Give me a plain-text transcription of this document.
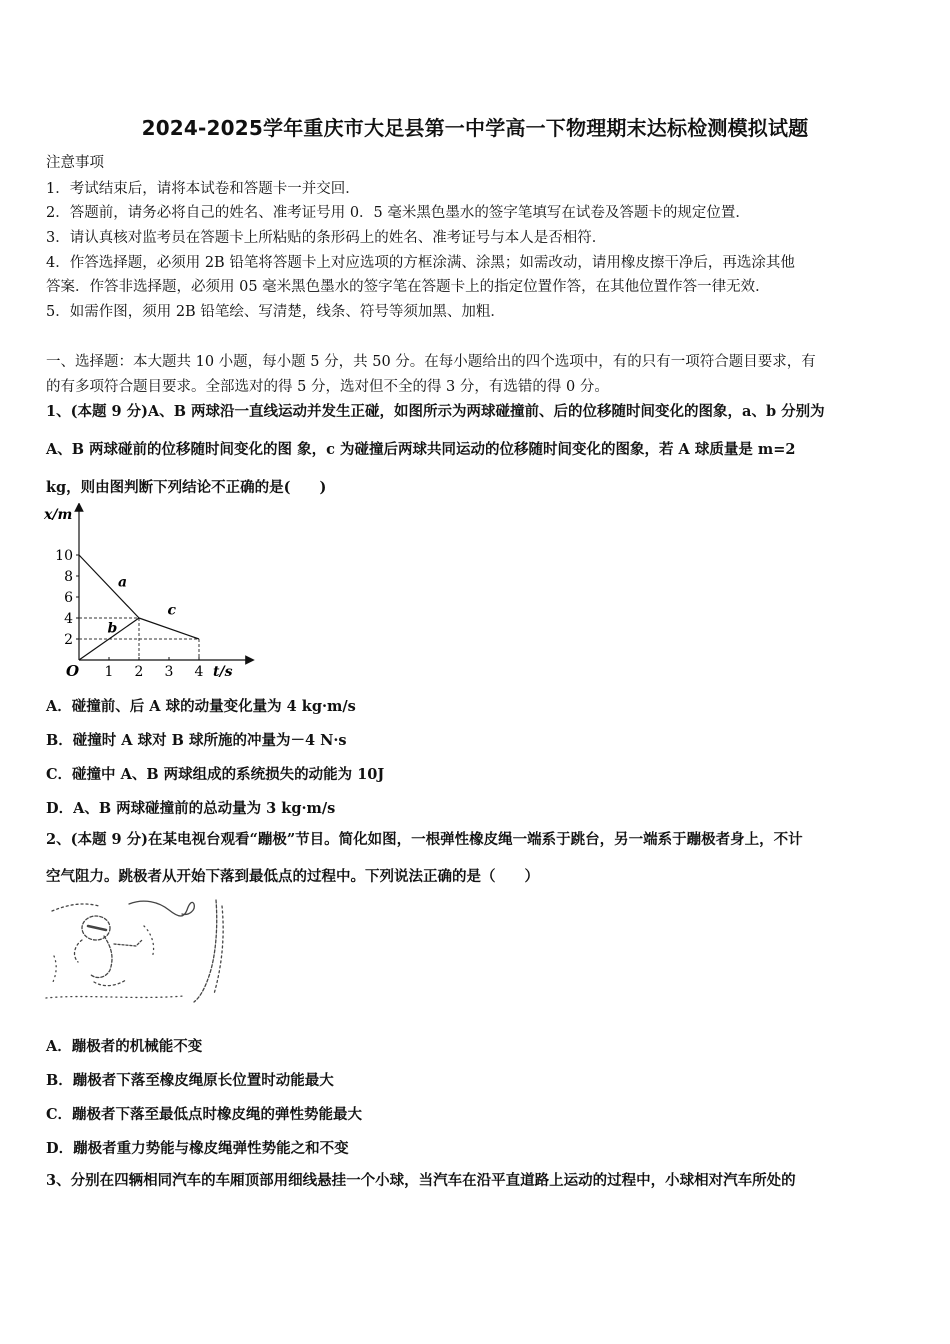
2024-2025学年重庆市大足县第一中学高一下物理期末达标检测模拟试题
注意事项
1．考试结束后，请将本试卷和答题卡一并交回．
2．答题前，请务必将自己的姓名、准考证号用 0．5 毫米黑色墨水的签字笔填写在试卷及答题卡的规定位置．
3．请认真核对监考员在答题卡上所粘贴的条形码上的姓名、准考证号与本人是否相符．
4．作答选择题，必须用 2B 铅笔将答题卡上对应选项的方框涂满、涂黑；如需改动，请用橡皮擦干净后，再选涂其他
答案．作答非选择题，必须用 05 毫米黑色墨水的签字笔在答题卡上的指定位置作答，在其他位置作答一律无效．
5．如需作图，须用 2B 铅笔绘、写清楚，线条、符号等须加黑、加粗．
一、选择题：本大题共 10 小题，每小题 5 分，共 50 分。在每小题给出的四个选项中，有的只有一项符合题目要求，有
的有多项符合题目要求。全部选对的得 5 分，选对但不全的得 3 分，有选错的得 0 分。
1、(本题 9 分)A、B 两球沿一直线运动并发生正碰，如图所示为两球碰撞前、后的位移随时间变化的图象，a、b 分别为
A、B 两球碰前的位移随时间变化的图 象，c 为碰撞后两球共同运动的位移随时间变化的图象，若 A 球质量是 m=2
kg，则由图判断下列结论不正确的是(　　)
a
b
c
2
4
6
8
10
1 2 3 4
O
x/m
t/s
A．碰撞前、后 A 球的动量变化量为 4 kg·m/s
B．碰撞时 A 球对 B 球所施的冲量为－4 N·s
C．碰撞中 A、B 两球组成的系统损失的动能为 10J
D．A、B 两球碰撞前的总动量为 3 kg·m/s
2、(本题 9 分)在某电视台观看“蹦极”节目。简化如图，一根弹性橡皮绳一端系于跳台，另一端系于蹦极者身上，不计
空气阻力。跳极者从开始下落到最低点的过程中。下列说法正确的是（　　）
A．蹦极者的机械能不变
B．蹦极者下落至橡皮绳原长位置时动能最大
C．蹦极者下落至最低点时橡皮绳的弹性势能最大
D．蹦极者重力势能与橡皮绳弹性势能之和不变
3、分别在四辆相同汽车的车厢顶部用细线悬挂一个小球，当汽车在沿平直道路上运动的过程中，小球相对汽车所处的
